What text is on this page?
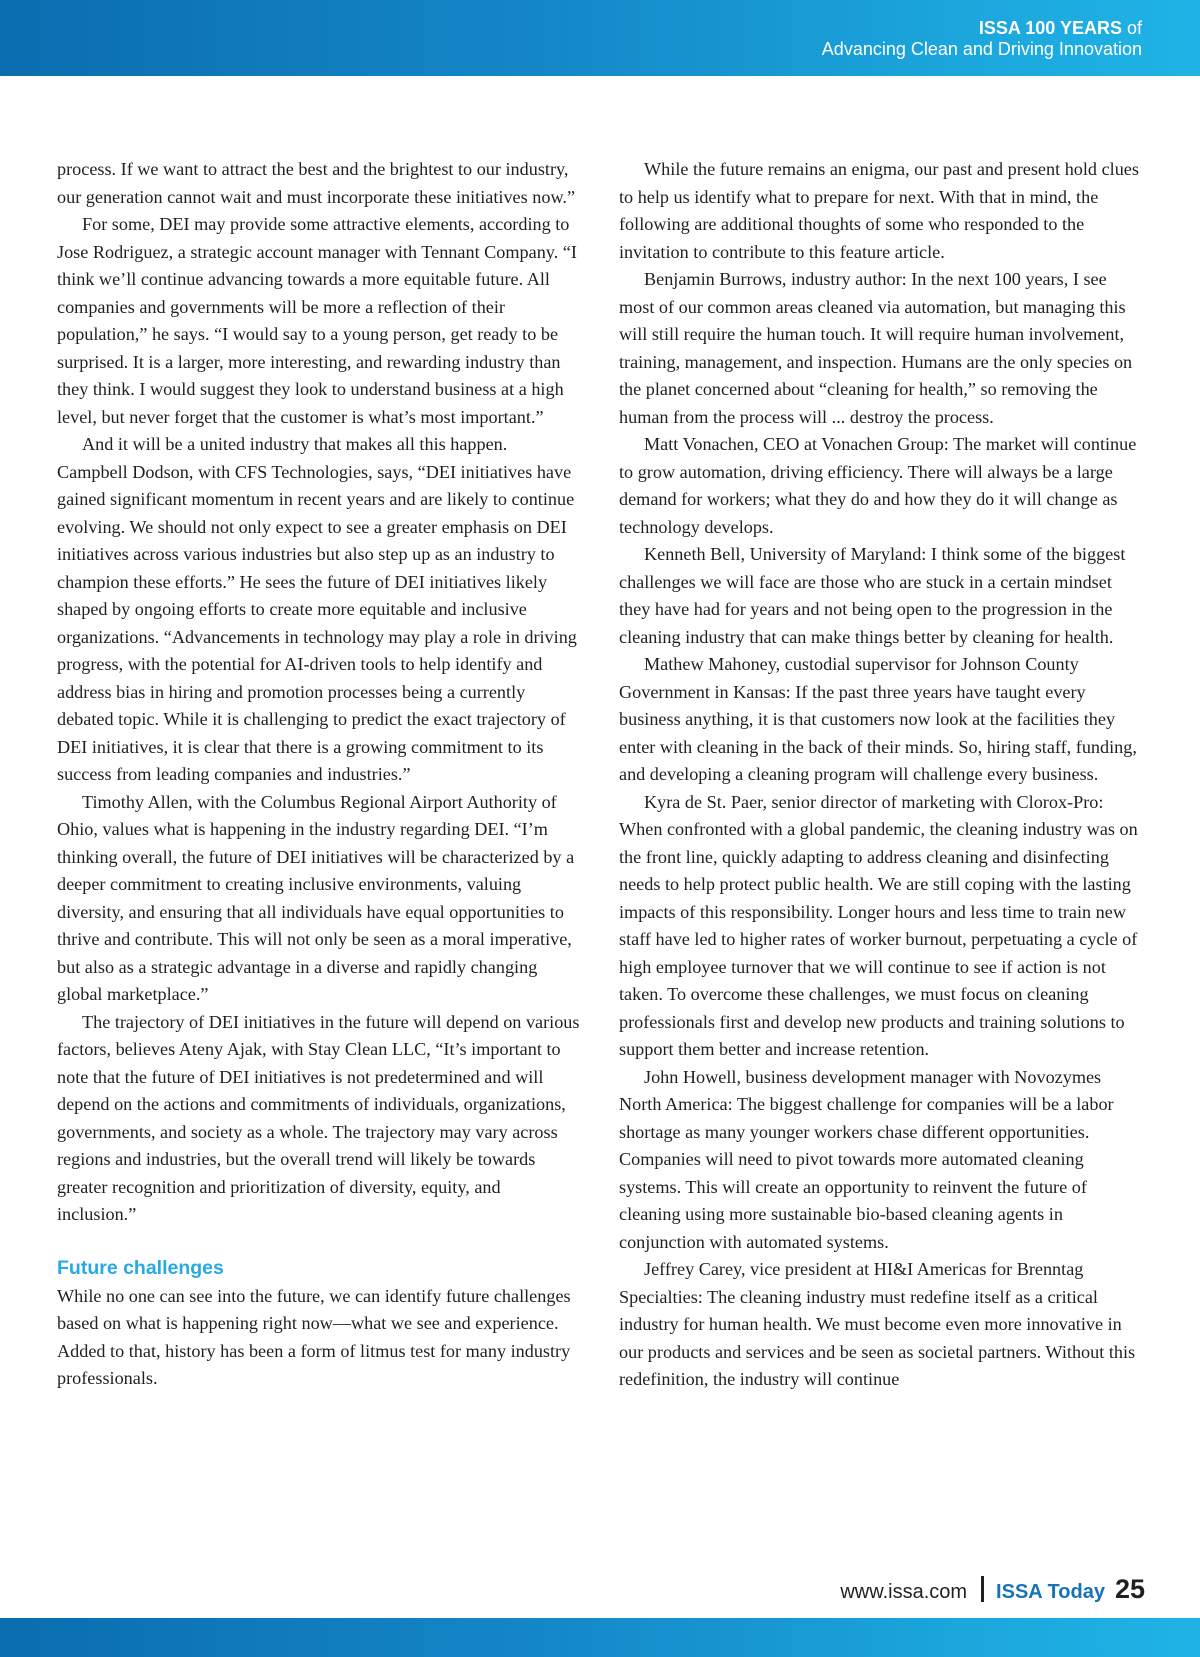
ISSA 100 YEARS of
Advancing Clean and Driving Innovation

process. If we want to attract the best and the brightest to our industry, our generation cannot wait and must incorporate these initiatives now.”

For some, DEI may provide some attractive elements, according to Jose Rodriguez, a strategic account manager with Tennant Company. “I think we’ll continue advancing towards a more equitable future. All companies and governments will be more a reflection of their population,” he says. “I would say to a young person, get ready to be surprised. It is a larger, more interesting, and rewarding industry than they think. I would suggest they look to understand business at a high level, but never forget that the customer is what’s most important.”

And it will be a united industry that makes all this happen. Campbell Dodson, with CFS Technologies, says, “DEI initiatives have gained significant momentum in recent years and are likely to continue evolving. We should not only expect to see a greater emphasis on DEI initiatives across various industries but also step up as an industry to champion these efforts.” He sees the future of DEI initiatives likely shaped by ongoing efforts to create more equitable and inclusive organizations. “Advancements in technology may play a role in driving progress, with the potential for AI-driven tools to help identify and address bias in hiring and promotion processes being a currently debated topic. While it is challenging to predict the exact trajectory of DEI initiatives, it is clear that there is a growing commitment to its success from leading companies and industries.”

Timothy Allen, with the Columbus Regional Airport Authority of Ohio, values what is happening in the industry regarding DEI. “I’m thinking overall, the future of DEI initiatives will be characterized by a deeper commitment to creating inclusive environments, valuing diversity, and ensuring that all individuals have equal opportunities to thrive and contribute. This will not only be seen as a moral imperative, but also as a strategic advantage in a diverse and rapidly changing global marketplace.”

The trajectory of DEI initiatives in the future will depend on various factors, believes Ateny Ajak, with Stay Clean LLC, “It’s important to note that the future of DEI initiatives is not predetermined and will depend on the actions and commitments of individuals, organizations, governments, and society as a whole. The trajectory may vary across regions and industries, but the overall trend will likely be towards greater recognition and prioritization of diversity, equity, and inclusion.”

Future challenges

While no one can see into the future, we can identify future challenges based on what is happening right now—what we see and experience. Added to that, history has been a form of litmus test for many industry professionals.

While the future remains an enigma, our past and present hold clues to help us identify what to prepare for next. With that in mind, the following are additional thoughts of some who responded to the invitation to contribute to this feature article.

Benjamin Burrows, industry author: In the next 100 years, I see most of our common areas cleaned via automation, but managing this will still require the human touch. It will require human involvement, training, management, and inspection. Humans are the only species on the planet concerned about “cleaning for health,” so removing the human from the process will ... destroy the process.

Matt Vonachen, CEO at Vonachen Group: The market will continue to grow automation, driving efficiency. There will always be a large demand for workers; what they do and how they do it will change as technology develops.

Kenneth Bell, University of Maryland: I think some of the biggest challenges we will face are those who are stuck in a certain mindset they have had for years and not being open to the progression in the cleaning industry that can make things better by cleaning for health.

Mathew Mahoney, custodial supervisor for Johnson County Government in Kansas: If the past three years have taught every business anything, it is that customers now look at the facilities they enter with cleaning in the back of their minds. So, hiring staff, funding, and developing a cleaning program will challenge every business.

Kyra de St. Paer, senior director of marketing with Clorox-Pro: When confronted with a global pandemic, the cleaning industry was on the front line, quickly adapting to address cleaning and disinfecting needs to help protect public health. We are still coping with the lasting impacts of this responsibility. Longer hours and less time to train new staff have led to higher rates of worker burnout, perpetuating a cycle of high employee turnover that we will continue to see if action is not taken. To overcome these challenges, we must focus on cleaning professionals first and develop new products and training solutions to support them better and increase retention.

John Howell, business development manager with Novozymes North America: The biggest challenge for companies will be a labor shortage as many younger workers chase different opportunities. Companies will need to pivot towards more automated cleaning systems. This will create an opportunity to reinvent the future of cleaning using more sustainable bio-based cleaning agents in conjunction with automated systems.

Jeffrey Carey, vice president at HI&I Americas for Brenntag Specialties: The cleaning industry must redefine itself as a critical industry for human health. We must become even more innovative in our products and services and be seen as societal partners. Without this redefinition, the industry will continue

www.issa.com ISSA Today 25
